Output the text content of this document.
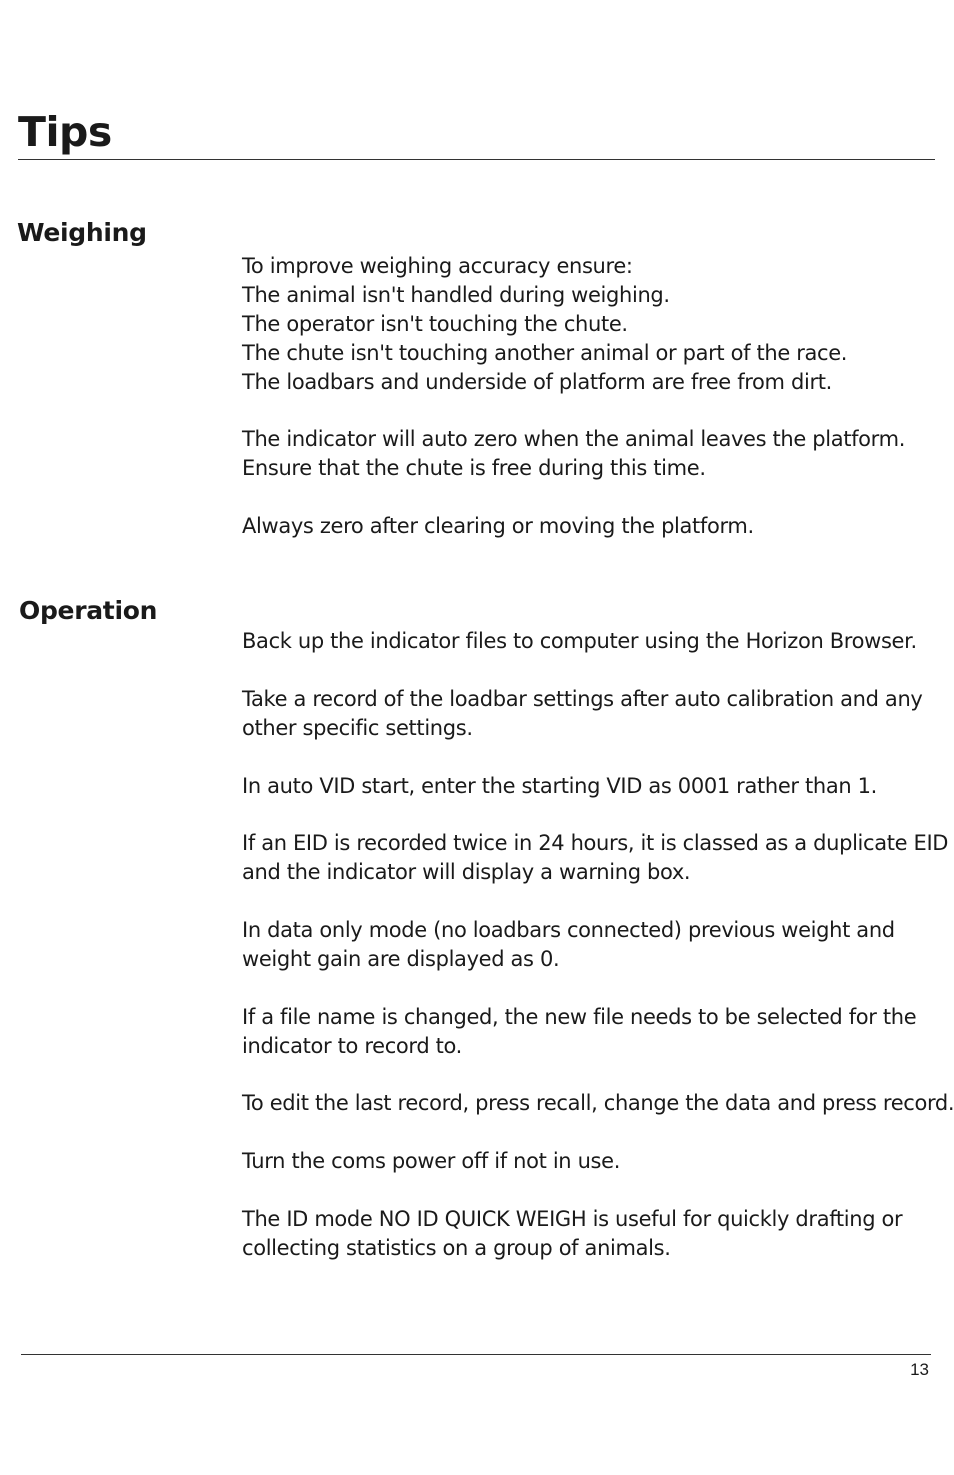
Tips
Weighing
To improve weighing accuracy ensure:
The animal isn't handled during weighing.
The operator isn't touching the chute.
The chute isn't touching another animal or part of the race.
The loadbars and underside of platform are free from dirt.
The indicator will auto zero when the animal leaves the platform.
Ensure that the chute is free during this time.
Always zero after clearing or moving the platform.
Operation
Back up the indicator files to computer using the Horizon Browser.
Take a record of the loadbar settings after auto calibration and any
other specific settings.
In auto VID start, enter the starting VID as 0001 rather than 1.
If an EID is recorded twice in 24 hours, it is classed as a duplicate EID
and the indicator will display a warning box.
In data only mode (no loadbars connected) previous weight and
weight gain are displayed as 0.
If a file name is changed, the new file needs to be selected for the
indicator to record to.
To edit the last record, press recall, change the data and press record.
Turn the coms power off if not in use.
The ID mode NO ID QUICK WEIGH is useful for quickly drafting or
collecting statistics on a group of animals.
13
